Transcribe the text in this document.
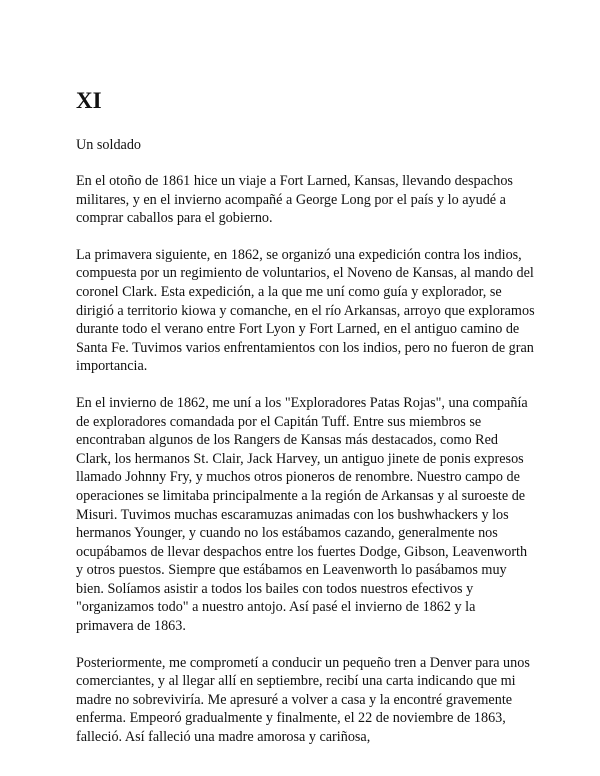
XI
Un soldado

En el otoño de 1861 hice un viaje a Fort Larned, Kansas, llevando despachos militares, y en el invierno acompañé a George Long por el país y lo ayudé a comprar caballos para el gobierno.

La primavera siguiente, en 1862, se organizó una expedición contra los indios, compuesta por un regimiento de voluntarios, el Noveno de Kansas, al mando del coronel Clark. Esta expedición, a la que me uní como guía y explorador, se dirigió a territorio kiowa y comanche, en el río Arkansas, arroyo que exploramos durante todo el verano entre Fort Lyon y Fort Larned, en el antiguo camino de Santa Fe. Tuvimos varios enfrentamientos con los indios, pero no fueron de gran importancia.

En el invierno de 1862, me uní a los "Exploradores Patas Rojas", una compañía de exploradores comandada por el Capitán Tuff. Entre sus miembros se encontraban algunos de los Rangers de Kansas más destacados, como Red Clark, los hermanos St. Clair, Jack Harvey, un antiguo jinete de ponis expresos llamado Johnny Fry, y muchos otros pioneros de renombre. Nuestro campo de operaciones se limitaba principalmente a la región de Arkansas y al suroeste de Misuri. Tuvimos muchas escaramuzas animadas con los bushwhackers y los hermanos Younger, y cuando no los estábamos cazando, generalmente nos ocupábamos de llevar despachos entre los fuertes Dodge, Gibson, Leavenworth y otros puestos. Siempre que estábamos en Leavenworth lo pasábamos muy bien. Solíamos asistir a todos los bailes con todos nuestros efectivos y "organizamos todo" a nuestro antojo. Así pasé el invierno de 1862 y la primavera de 1863.

Posteriormente, me comprometí a conducir un pequeño tren a Denver para unos comerciantes, y al llegar allí en septiembre, recibí una carta indicando que mi madre no sobreviviría. Me apresuré a volver a casa y la encontré gravemente enferma. Empeoró gradualmente y finalmente, el 22 de noviembre de 1863, falleció. Así falleció una madre amorosa y cariñosa,
